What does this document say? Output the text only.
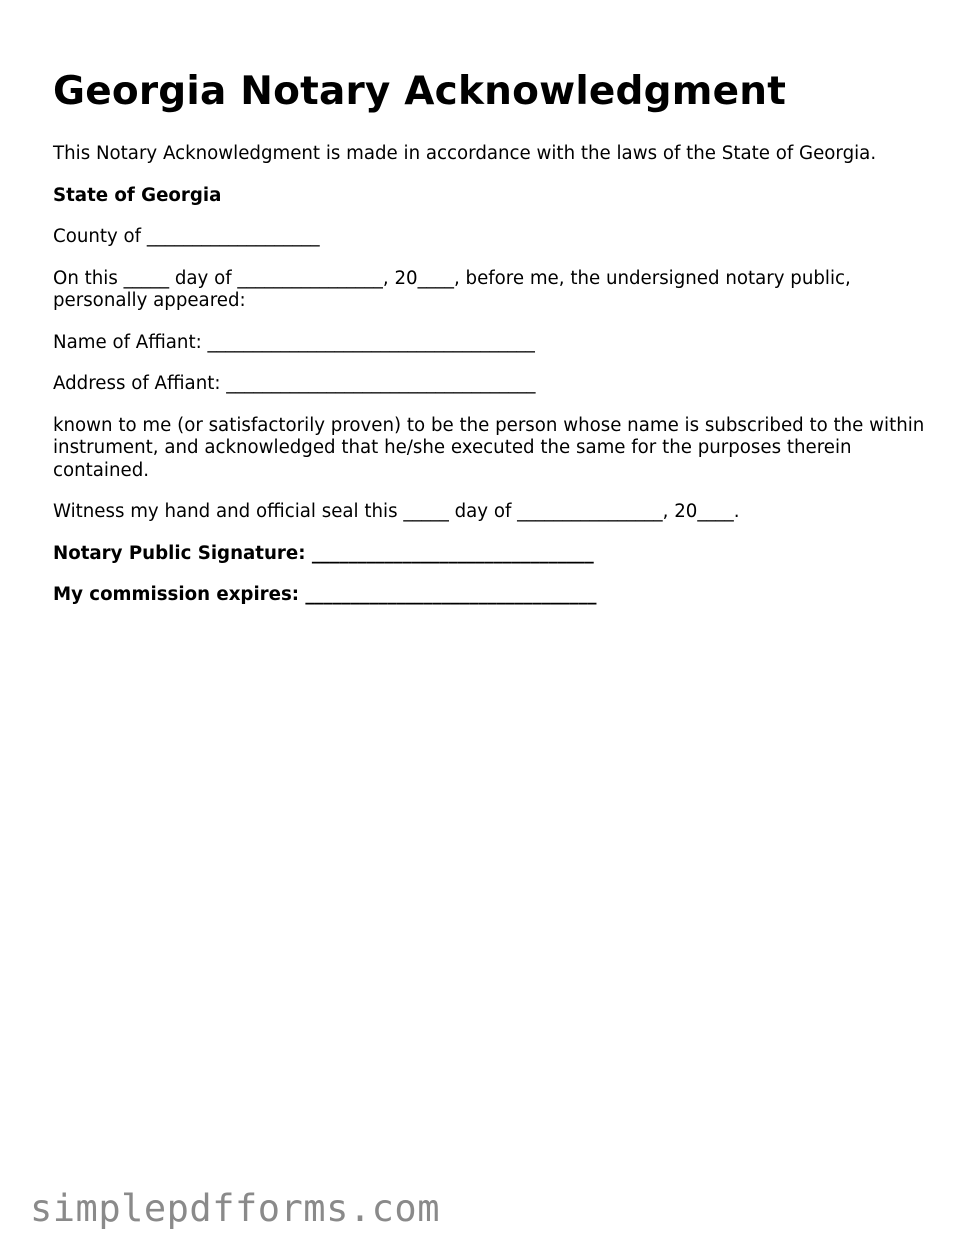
Georgia Notary Acknowledgment

This Notary Acknowledgment is made in accordance with the laws of the State of Georgia.

State of Georgia

County of ___________________

On this _____ day of ________________, 20____, before me, the undersigned notary public, personally appeared:

Name of Affiant: ____________________________________

Address of Affiant: __________________________________

known to me (or satisfactorily proven) to be the person whose name is subscribed to the within instrument, and acknowledged that he/she executed the same for the purposes therein contained.

Witness my hand and official seal this _____ day of ________________, 20____.

Notary Public Signature: _______________________________

My commission expires: ________________________________

simplepdfforms.com
